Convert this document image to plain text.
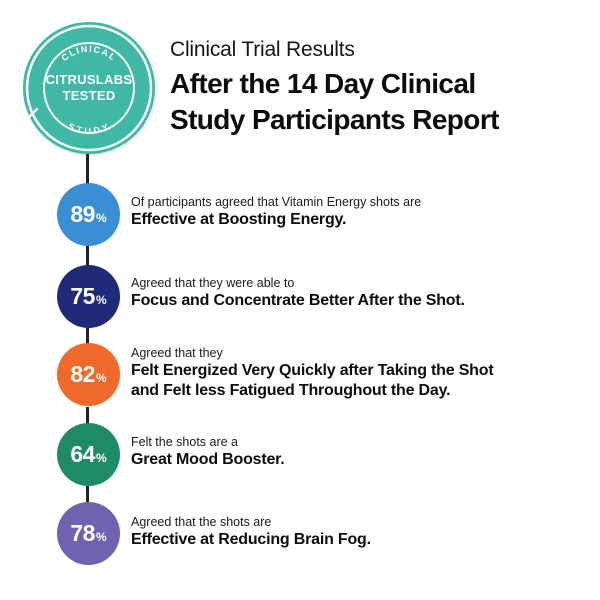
CLINICAL
STUDY
CITRUSLABS
TESTED
Clinical Trial Results
After the 14 Day Clinical
Study Participants Report
89 %
Of participants agreed that Vitamin Energy shots are
Effective at Boosting Energy.
75 %
Agreed that they were able to
Focus and Concentrate Better After the Shot.
82 %
Agreed that they
Felt Energized Very Quickly after Taking the Shot
and Felt less Fatigued Throughout the Day.
64 %
Felt the shots are a
Great Mood Booster.
78 %
Agreed that the shots are
Effective at Reducing Brain Fog.
